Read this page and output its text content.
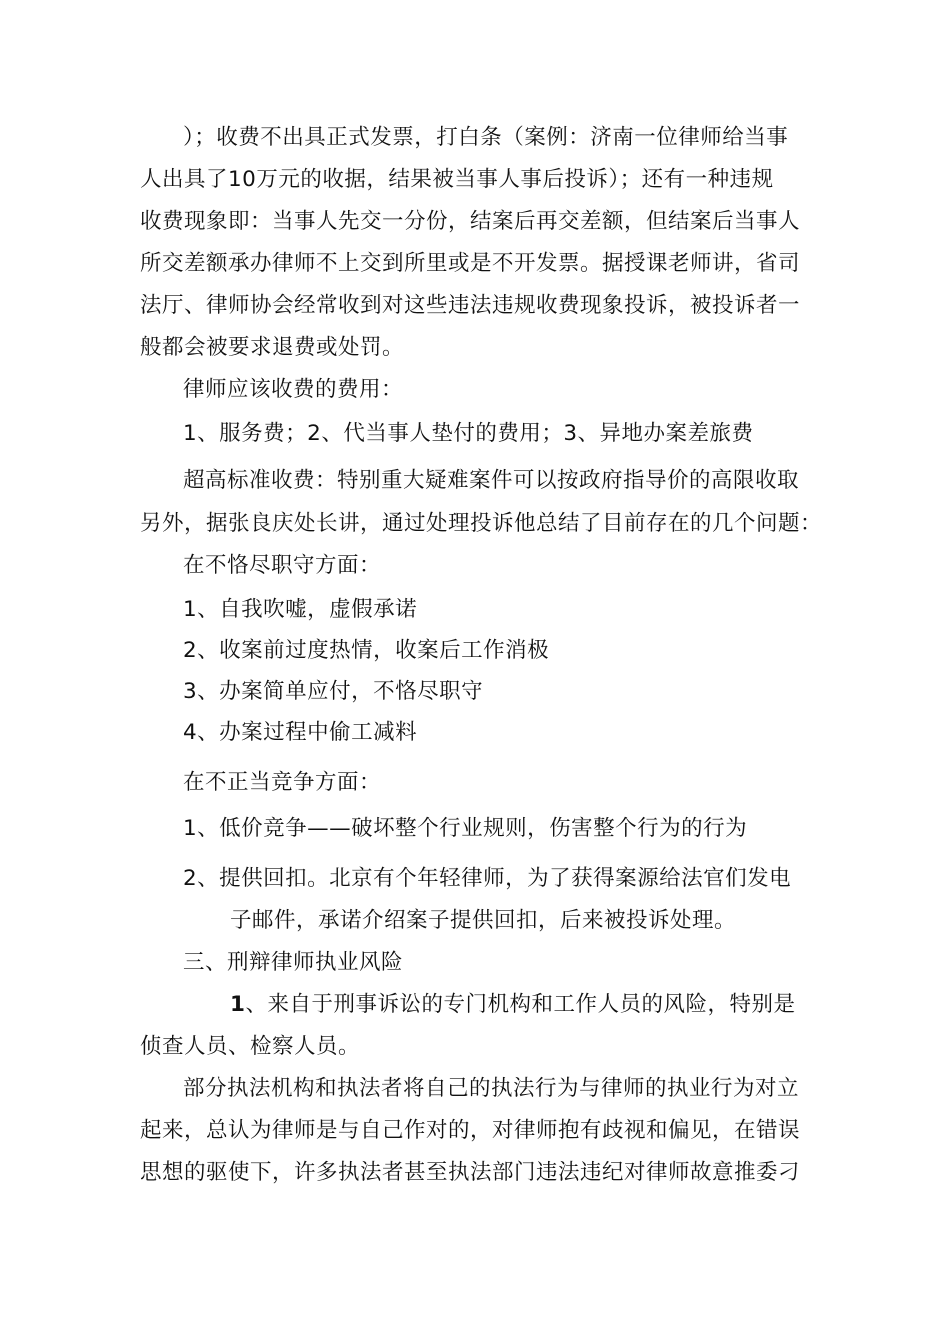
）；收费不出具正式发票，打白条（案例：济南一位律师给当事
人出具了10万元的收据，结果被当事人事后投诉）；还有一种违规
收费现象即：当事人先交一分份，结案后再交差额，但结案后当事人
所交差额承办律师不上交到所里或是不开发票。据授课老师讲，省司
法厅、律师协会经常收到对这些违法违规收费现象投诉，被投诉者一
般都会被要求退费或处罚。
律师应该收费的费用：
1、服务费；2、代当事人垫付的费用；3、异地办案差旅费
超高标准收费：特别重大疑难案件可以按政府指导价的高限收取
另外，据张良庆处长讲，通过处理投诉他总结了目前存在的几个问题：
在不恪尽职守方面：
1、自我吹嘘，虚假承诺
2、收案前过度热情，收案后工作消极
3、办案简单应付，不恪尽职守
4、办案过程中偷工减料
在不正当竞争方面：
1、低价竞争——破坏整个行业规则，伤害整个行为的行为
2、提供回扣。北京有个年轻律师，为了获得案源给法官们发电
子邮件，承诺介绍案子提供回扣，后来被投诉处理。
三、刑辩律师执业风险
1、来自于刑事诉讼的专门机构和工作人员的风险，特别是
侦查人员、检察人员。
部分执法机构和执法者将自己的执法行为与律师的执业行为对立
起来，总认为律师是与自己作对的，对律师抱有歧视和偏见，在错误
思想的驱使下，许多执法者甚至执法部门违法违纪对律师故意推委刁
